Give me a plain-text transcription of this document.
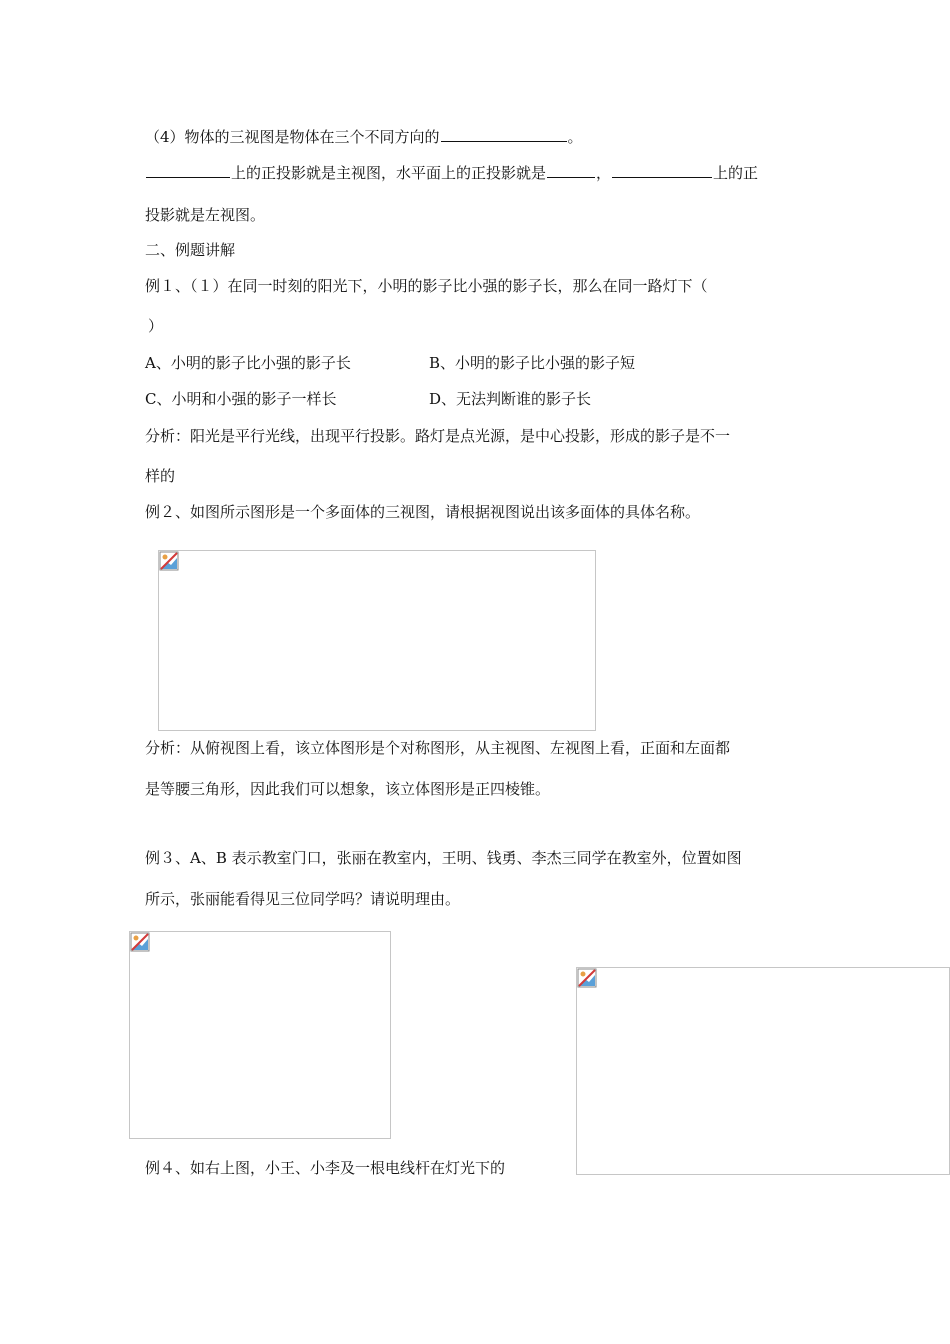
（4）物体的三视图是物体在三个不同方向的	。
上的正投影就是主视图，水平面上的正投影就是	，	上的正
投影就是左视图。
二、例题讲解
例１、（１）在同一时刻的阳光下，小明的影子比小强的影子长，那么在同一路灯下（
）
A、小明的影子比小强的影子长	B、小明的影子比小强的影子短
C、小明和小强的影子一样长	D、无法判断谁的影子长
分析：阳光是平行光线，出现平行投影。路灯是点光源，是中心投影，形成的影子是不一
样的
例２、如图所示图形是一个多面体的三视图，请根据视图说出该多面体的具体名称。
分析：从俯视图上看，该立体图形是个对称图形，从主视图、左视图上看，正面和左面都
是等腰三角形，因此我们可以想象，该立体图形是正四棱锥。
例３、A、B 表示教室门口，张丽在教室内，王明、钱勇、李杰三同学在教室外，位置如图
所示，张丽能看得见三位同学吗？请说明理由。
例４、如右上图，小王、小李及一根电线杆在灯光下的
